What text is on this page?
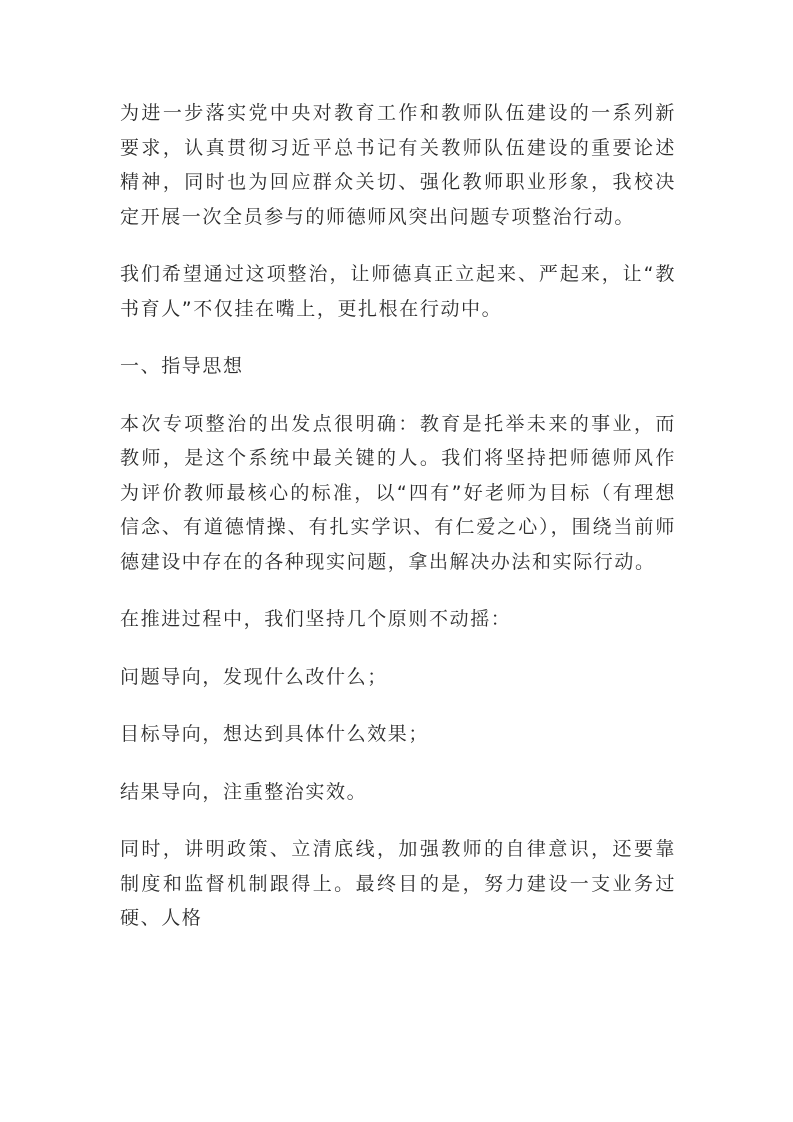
为进一步落实党中央对教育工作和教师队伍建设的一系列新要求，认真贯彻习近平总书记有关教师队伍建设的重要论述精神，同时也为回应群众关切、强化教师职业形象，我校决定开展一次全员参与的师德师风突出问题专项整治行动。

我们希望通过这项整治，让师德真正立起来、严起来，让“教书育人”不仅挂在嘴上，更扎根在行动中。

一、指导思想

本次专项整治的出发点很明确：教育是托举未来的事业，而教师，是这个系统中最关键的人。我们将坚持把师德师风作为评价教师最核心的标准，以“四有”好老师为目标（有理想信念、有道德情操、有扎实学识、有仁爱之心），围绕当前师德建设中存在的各种现实问题，拿出解决办法和实际行动。

在推进过程中，我们坚持几个原则不动摇：

问题导向，发现什么改什么；

目标导向，想达到具体什么效果；

结果导向，注重整治实效。

同时，讲明政策、立清底线，加强教师的自律意识，还要靠制度和监督机制跟得上。最终目的是，努力建设一支业务过硬、人格
